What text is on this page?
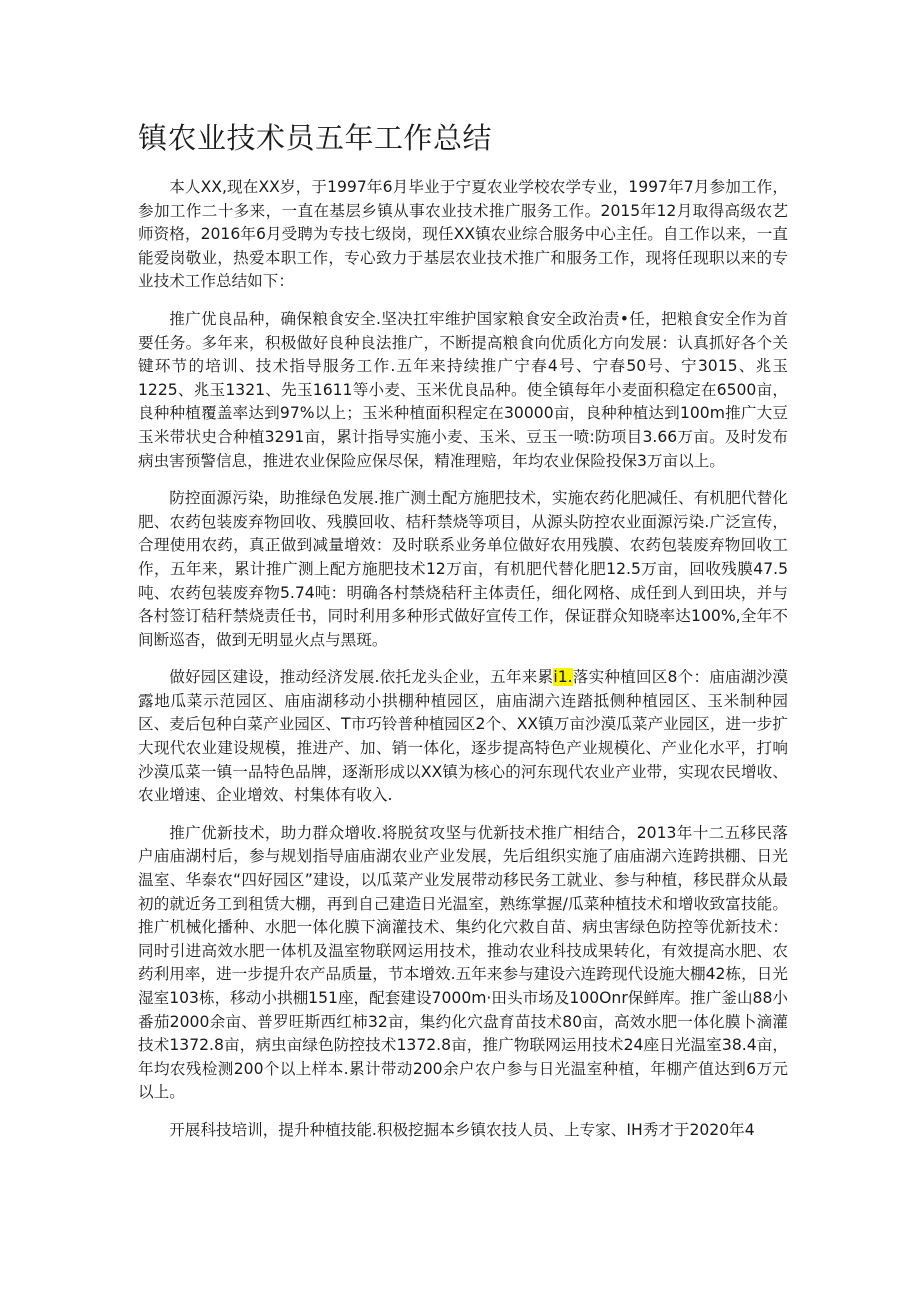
镇农业技术员五年工作总结

本人XX,现在XX岁，于1997年6月毕业于宁夏农业学校农学专业，1997年7月参加工作，参加工作二十多来，一直在基层乡镇从事农业技术推广服务工作。2015年12月取得高级农艺师资格，2016年6月受聘为专技七级岗，现任XX镇农业综合服务中心主任。自工作以来，一直能爱岗敬业，热爱本职工作，专心致力于基层农业技术推广和服务工作，现将任现职以来的专业技术工作总结如下：

推广优良品种，确保粮食安全.坚决扛牢维护国家粮食安全政治责•任，把粮食安全作为首要任务。多年来，积极做好良种良法推广，不断提高粮食向优质化方向发展：认真抓好各个关键环节的培训、技术指导服务工作.五年来持续推广宁春4号、宁春50号、宁3015、兆玉1225、兆玉1321、先玉1611等小麦、玉米优良品种。使全镇每年小麦面积稳定在6500亩，良种种植覆盖率达到97%以上；玉米种植面积程定在30000亩，良种种植达到100m推广大豆玉米带状史合种植3291亩，累计指导实施小麦、玉米、豆玉一喷:防项目3.66万亩。及时发布病虫害预警信息，推进农业保险应保尽保，精准理赔，年均农业保险投保3万亩以上。

防控面源污染，助推绿色发展.推广测土配方施肥技术，实施农药化肥减任、有机肥代替化肥、农药包装废弃物回收、残膜回收、桔秆禁烧等项目，从源头防控农业面源污染.广泛宣传，合理使用农药，真正做到减量增效：及时联系业务单位做好农用残膜、农药包装废弃物回收工作，五年来，累计推广测上配方施肥技术12万亩，有机肥代替化肥12.5万亩，回收残膜47.5吨、农药包装废弃物5.74吨：明确各村禁烧秸秆主体责任，细化网格、成任到人到田块，并与各村签订秸秆禁烧责任书，同时利用多种形式做好宣传工作，保证群众知晓率达100%,全年不间断巡杳，做到无明显火点与黑斑。

做好园区建设，推动经济发展.依托龙头企业，五年来累i1.落实种植回区8个：庙庙湖沙漠露地瓜菜示范园区、庙庙湖移动小拱棚种植园区，庙庙湖六连踏抵侧种植园区、玉米制种园区、麦后包种白菜产业园区、T市巧铃普种植园区2个、XX镇万亩沙漠瓜菜产业园区，进一步扩大现代农业建设规模，推进产、加、销一体化，逐步提高特色产业规模化、产业化水平，打响沙漠瓜菜一镇一品特色品牌，逐渐形成以XX镇为核心的河东现代农业产业带，实现农民增收、农业增速、企业增效、村集体有收入.

推广优新技术，助力群众增收.将脱贫攻坚与优新技术推广相结合，2013年十二五移民落户庙庙湖村后，参与规划指导庙庙湖农业产业发展，先后组织实施了庙庙湖六连跨拱棚、日光温室、华泰农“四好园区”建设，以瓜菜产业发展带动移民务工就业、参与种植，移民群众从最初的就近务工到租赁大棚，再到自己建造日光温室，熟练掌握/瓜菜种植技术和增收致富技能。推广机械化播种、水肥一体化膜下滴灌技术、集约化穴救自苗、病虫害绿色防控等优新技术：同时引进高效水肥一体机及温室物联网运用技术，推动农业科技成果转化，有效提高水肥、农药利用率，进一步提升农产品质量，节本增效.五年来参与建设六连跨现代设施大棚42栋，日光湿室103栋，移动小拱棚151座，配套建设7000m·田头市场及100Onr保鲜库。推广釜山88小番茄2000余亩、普罗旺斯西红柿32亩，集约化穴盘育苗技术80亩，高效水肥一体化膜卜滴灌技术1372.8亩，病虫亩绿色防控技术1372.8亩，推广物联网运用技术24座日光温室38.4亩，年均农残检测200个以上样本.累计带动200余户农户参与日光温室种植，年棚产值达到6万元以上。

开展科技培训，提升种植技能.积极挖掘本乡镇农技人员、上专家、IH秀才于2020年4
